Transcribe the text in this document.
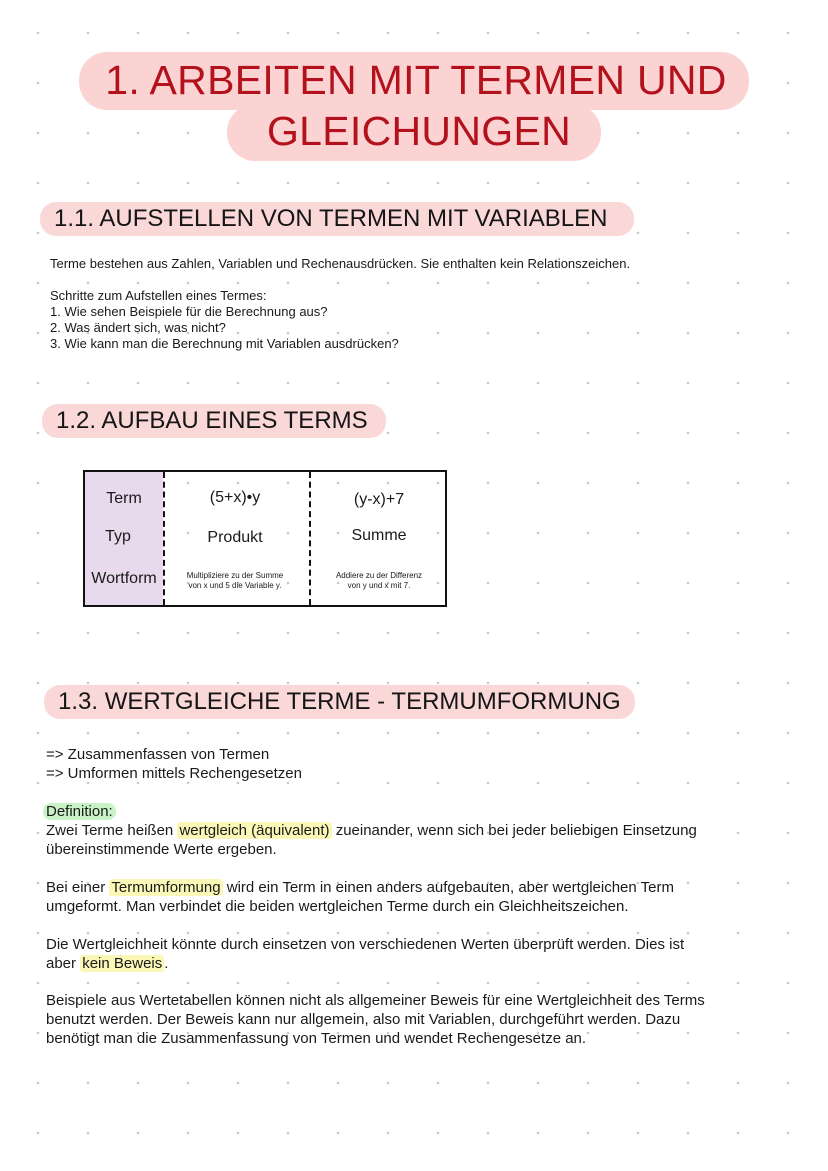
1. ARBEITEN MIT TERMEN UND
GLEICHUNGEN
1.1. AUFSTELLEN VON TERMEN MIT VARIABLEN
Terme bestehen aus Zahlen, Variablen und Rechenausdrücken. Sie enthalten kein Relationszeichen.
Schritte zum Aufstellen eines Termes:
1. Wie sehen Beispiele für die Berechnung aus?
2. Was ändert sich, was nicht?
3. Wie kann man die Berechnung mit Variablen ausdrücken?
1.2. AUFBAU EINES TERMS
Term
Typ
Wortform
(5+x)•y
Produkt
Multipliziere zu der Summe
von x und 5 die Variable y.
(y-x)+7
Summe
Addiere zu der Differenz
von y und x mit 7.
1.3. WERTGLEICHE TERME - TERMUMFORMUNG
=> Zusammenfassen von Termen
=> Umformen mittels Rechengesetzen
Definition:
Zwei Terme heißen wertgleich (äquivalent) zueinander, wenn sich bei jeder beliebigen Einsetzung
übereinstimmende Werte ergeben.
Bei einer Termumformung wird ein Term in einen anders aufgebauten, aber wertgleichen Term
umgeformt. Man verbindet die beiden wertgleichen Terme durch ein Gleichheitszeichen.
Die Wertgleichheit könnte durch einsetzen von verschiedenen Werten überprüft werden. Dies ist
aber kein Beweis .
Beispiele aus Wertetabellen können nicht als allgemeiner Beweis für eine Wertgleichheit des Terms
benutzt werden. Der Beweis kann nur allgemein, also mit Variablen, durchgeführt werden. Dazu
benötigt man die Zusammenfassung von Termen und wendet Rechengesetze an.
